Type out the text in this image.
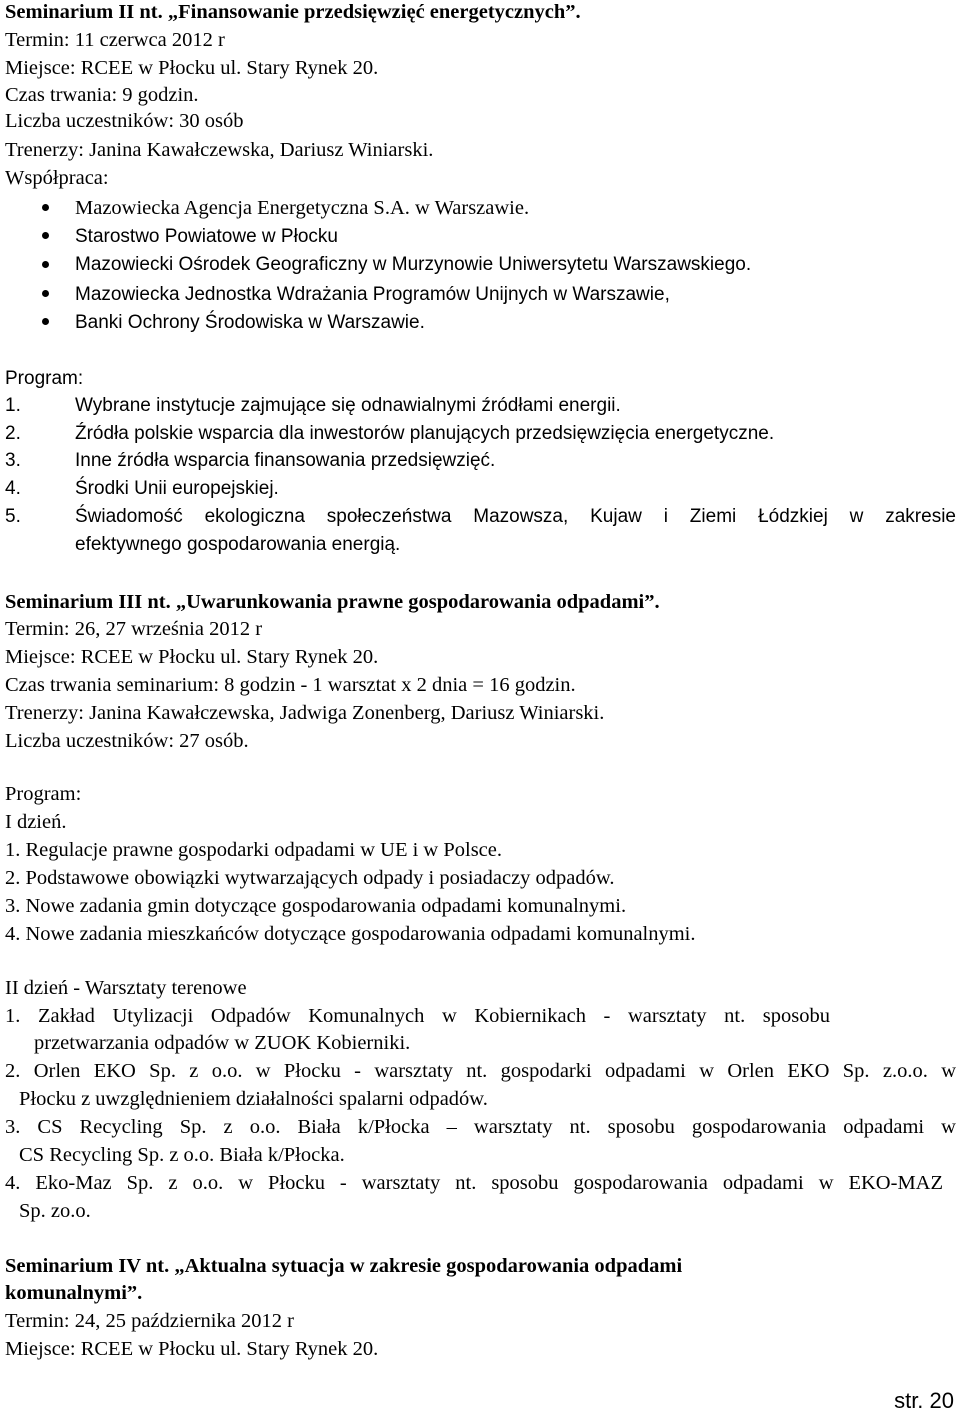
Seminarium II nt. „Finansowanie przedsięwzięć energetycznych”.
Termin: 11 czerwca 2012 r
Miejsce: RCEE w Płocku ul. Stary Rynek 20.
Czas trwania: 9 godzin.
Liczba uczestników: 30 osób
Trenerzy: Janina Kawałczewska, Dariusz Winiarski.
Współpraca:
Mazowiecka Agencja Energetyczna S.A. w Warszawie.
Starostwo Powiatowe w Płocku
Mazowiecki Ośrodek Geograficzny w Murzynowie Uniwersytetu Warszawskiego.
Mazowiecka Jednostka Wdrażania Programów Unijnych w Warszawie,
Banki Ochrony Środowiska w Warszawie.
Program:
1.	Wybrane instytucje zajmujące się odnawialnymi źródłami energii.
2.	Źródła polskie wsparcia dla inwestorów planujących przedsięwzięcia energetyczne.
3.	Inne źródła wsparcia finansowania przedsięwzięć.
4.	Środki Unii europejskiej.
5.	Świadomość ekologiczna społeczeństwa Mazowsza, Kujaw i Ziemi Łódzkiej w zakresie
efektywnego gospodarowania energią.
Seminarium III nt. „Uwarunkowania prawne gospodarowania odpadami”.
Termin: 26, 27 września 2012 r
Miejsce: RCEE w Płocku ul. Stary Rynek 20.
Czas trwania seminarium: 8 godzin - 1 warsztat x 2 dnia = 16 godzin.
Trenerzy: Janina Kawałczewska, Jadwiga Zonenberg, Dariusz Winiarski.
Liczba uczestników: 27 osób.
Program:
I dzień.
1. Regulacje prawne gospodarki odpadami w UE i w Polsce.
2. Podstawowe obowiązki wytwarzających odpady i posiadaczy odpadów.
3. Nowe zadania gmin dotyczące gospodarowania odpadami komunalnymi.
4. Nowe zadania mieszkańców dotyczące gospodarowania odpadami komunalnymi.
II dzień - Warsztaty terenowe
1. Zakład Utylizacji Odpadów Komunalnych w Kobiernikach - warsztaty nt. sposobu
przetwarzania odpadów w ZUOK Kobierniki.
2. Orlen EKO Sp. z o.o. w Płocku - warsztaty nt. gospodarki odpadami w Orlen EKO Sp. z.o.o. w
Płocku z uwzględnieniem działalności spalarni odpadów.
3. CS Recycling Sp. z o.o. Biała k/Płocka – warsztaty nt. sposobu gospodarowania odpadami w
CS Recycling Sp. z o.o. Biała k/Płocka.
4. Eko-Maz Sp. z o.o. w Płocku - warsztaty nt. sposobu gospodarowania odpadami w EKO-MAZ
Sp. zo.o.
Seminarium IV nt. „Aktualna sytuacja w zakresie gospodarowania odpadami
komunalnymi”.
Termin: 24, 25 października 2012 r
Miejsce: RCEE w Płocku ul. Stary Rynek 20.
str. 20
